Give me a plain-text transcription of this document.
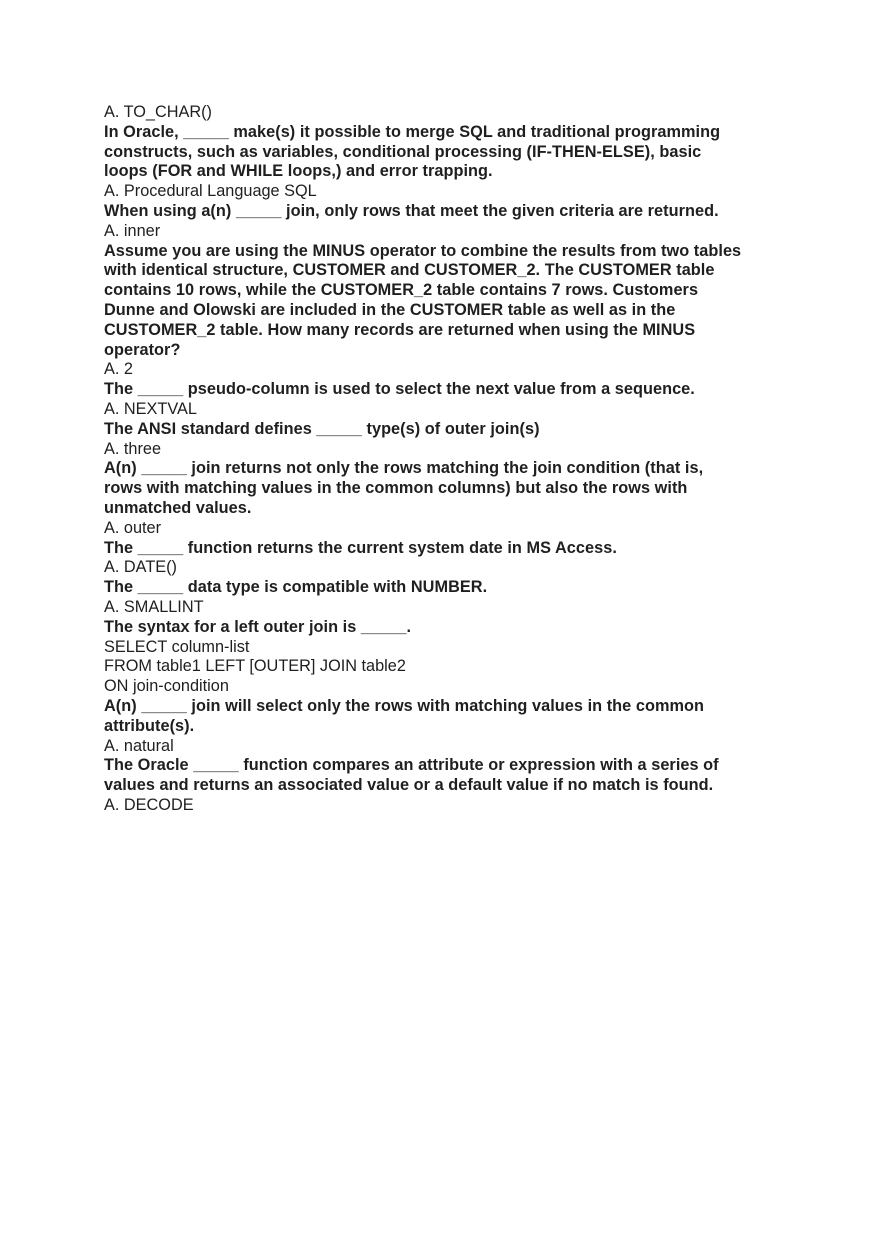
A. TO_CHAR()

In Oracle, _____ make(s) it possible to merge SQL and traditional programming
constructs, such as variables, conditional processing (IF-THEN-ELSE), basic
loops (FOR and WHILE loops,) and error trapping.

A. Procedural Language SQL

When using a(n) _____ join, only rows that meet the given criteria are returned.

A. inner

Assume you are using the MINUS operator to combine the results from two tables
with identical structure, CUSTOMER and CUSTOMER_2. The CUSTOMER table
contains 10 rows, while the CUSTOMER_2 table contains 7 rows. Customers
Dunne and Olowski are included in the CUSTOMER table as well as in the
CUSTOMER_2 table. How many records are returned when using the MINUS
operator?

A. 2

The _____ pseudo-column is used to select the next value from a sequence.

A. NEXTVAL

The ANSI standard defines _____ type(s) of outer join(s)

A. three

A(n) _____ join returns not only the rows matching the join condition (that is,
rows with matching values in the common columns) but also the rows with
unmatched values.

A. outer

The _____ function returns the current system date in MS Access.

A. DATE()

The _____ data type is compatible with NUMBER.

A. SMALLINT

The syntax for a left outer join is _____.

SELECT column-list
FROM table1 LEFT [OUTER] JOIN table2
ON join-condition

A(n) _____ join will select only the rows with matching values in the common
attribute(s).

A. natural

The Oracle _____ function compares an attribute or expression with a series of
values and returns an associated value or a default value if no match is found.

A. DECODE
